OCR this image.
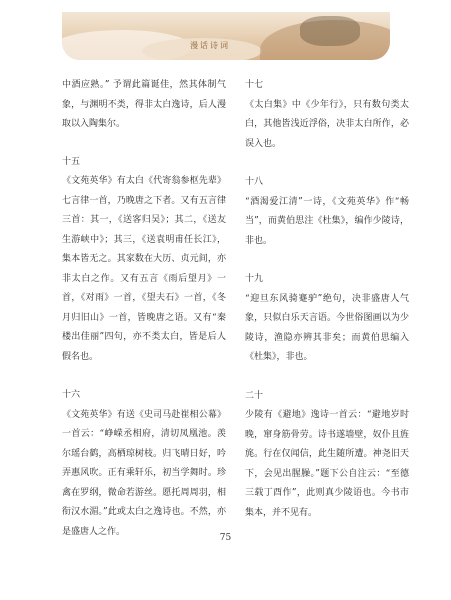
漫话诗词

中酒应熟。” 予谓此篇诞佳，然其体制气象，与渊明不类，得非太白逸诗，后人漫取以入陶集尔。

十五

《文苑英华》有太白《代寄翁参枢先辈》七言律一首，乃晚唐之下者。又有五言律三首：其一，《送客归吴》；其二，《送友生游峡中》；其三，《送袁明甫任长江》，集本皆无之。其家数在大历、贞元间，亦非太白之作。又有五言《雨后望月》一首，《对雨》一首，《望夫石》一首，《冬月归旧山》一首，皆晚唐之语。又有“秦楼出佳丽”四句，亦不类太白，皆是后人假名也。

十六

《文苑英华》有送《史司马赴崔相公幕》一首云：“峥嵘丞相府，清切凤凰池。羡尔瑶台鹤，高栖琼树枝。归飞晴日好，吟弄惠风吹。正有乘轩乐，初当学舞时。珍禽在罗纲，微命若游丝。愿托周周羽，相衔汉水湄。”此或太白之逸诗也。不然，亦是盛唐人之作。

十七

《太白集》中《少年行》，只有数句类太白，其他皆浅近浮俗，决非太白所作，必误入也。

十八

“酒渴爱江清”一诗，《文苑英华》作“畅当”，而黄伯思注《杜集》，编作少陵诗，非也。

十九

“迎旦东风骑蹇驴”绝句，决非盛唐人气象，只似白乐天言语。今世俗图画以为少陵诗，渔隐亦辨其非矣；而黄伯思编入《杜集》，非也。

二十

少陵有《避地》逸诗一首云：“避地岁时晚，窜身筋骨劳。诗书遂墙壁，奴仆且旌旄。行在仅闻信，此生随所遭。神尧旧天下，会见出腥臊。”题下公自注云：“至德三载丁酉作”，此则真少陵语也。今书市集本，并不见有。

75
